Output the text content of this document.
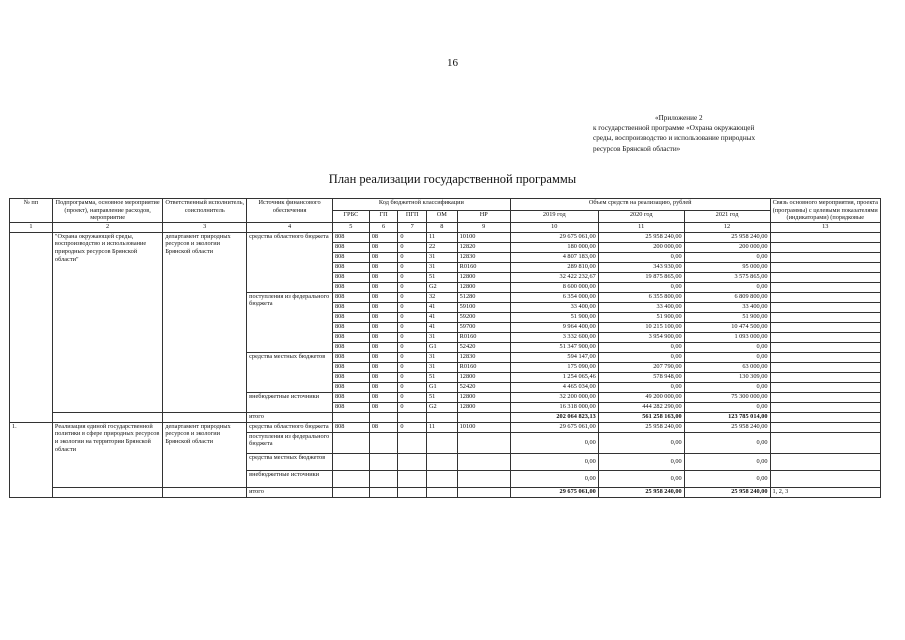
16
«Приложение 2
к государственной программе «Охрана окружающей
среды, воспроизводство и использование природных
ресурсов Брянской области»
План реализации государственной программы
№ пп	Подпрограмма, основное мероприятие (проект), направление расходов, мероприятие	Ответственный исполнитель, соисполнитель	Источник финансового обеспечения	Код бюджетной классификации					Объем средств на реализацию, рублей			Связь основного мероприятия, проекта (программы) с целевыми показателями (индикаторами) (порядковые
				ГРБС	ГП	ПГП	ОМ	НР	2019 год	2020 год	2021 год	
1	2	3	4	5	6	7	8	9	10	11	12	13
	"Охрана окружающей среды, воспроизводство и использование природных ресурсов Брянской области"	департамент природных ресурсов и экологии Брянской области	средства областного бюджета	808	08	0	11	10100	29 675 061,00	25 958 240,00	25 958 240,00	
				808	08	0	22	12820	180 000,00	200 000,00	200 000,00	
				808	08	0	31	12830	4 807 183,00	0,00	0,00	
				808	08	0	31	R0160	289 810,00	343 930,00	95 000,00	
				808	08	0	51	12800	32 422 232,67	19 875 865,00	3 575 865,00	
				808	08	0	G2	12800	8 600 000,00	0,00	0,00	
			поступления из федерального бюджета	808	08	0	32	51280	6 354 000,00	6 355 800,00	6 809 800,00	
				808	08	0	41	59100	33 400,00	33 400,00	33 400,00	
				808	08	0	41	59200	51 900,00	51 900,00	51 900,00	
				808	08	0	41	59700	9 964 400,00	10 215 100,00	10 474 500,00	
				808	08	0	31	R0160	3 332 600,00	3 954 900,00	1 093 000,00	
				808	08	0	G1	52420	51 347 900,00	0,00	0,00	
			средства местных бюджетов	808	08	0	31	12830	594 147,00	0,00	0,00	
				808	08	0	31	R0160	175 090,00	207 790,00	63 000,00	
				808	08	0	51	12800	1 254 065,46	578 948,00	130 309,00	
				808	08	0	G1	52420	4 465 034,00	0,00	0,00	
			внебюджетные источники	808	08	0	51	12800	32 200 000,00	49 200 000,00	75 300 000,00	
				808	08	0	G2	12800	16 318 000,00	444 282 290,00	0,00	
			итого						202 064 823,13	561 258 163,00	123 785 014,00	
1.	Реализация единой государственной политики в сфере природных ресурсов и экологии на территории Брянской области	департамент природных ресурсов и экологии Брянской области	средства областного бюджета	808	08	0	11	10100	29 675 061,00	25 958 240,00	25 958 240,00	
			поступления из федерального бюджета						0,00	0,00	0,00	
			средства местных бюджетов						0,00	0,00	0,00	
			внебюджетные источники						0,00	0,00	0,00	
			итого						29 675 061,00	25 958 240,00	25 958 240,00	1, 2, 3
